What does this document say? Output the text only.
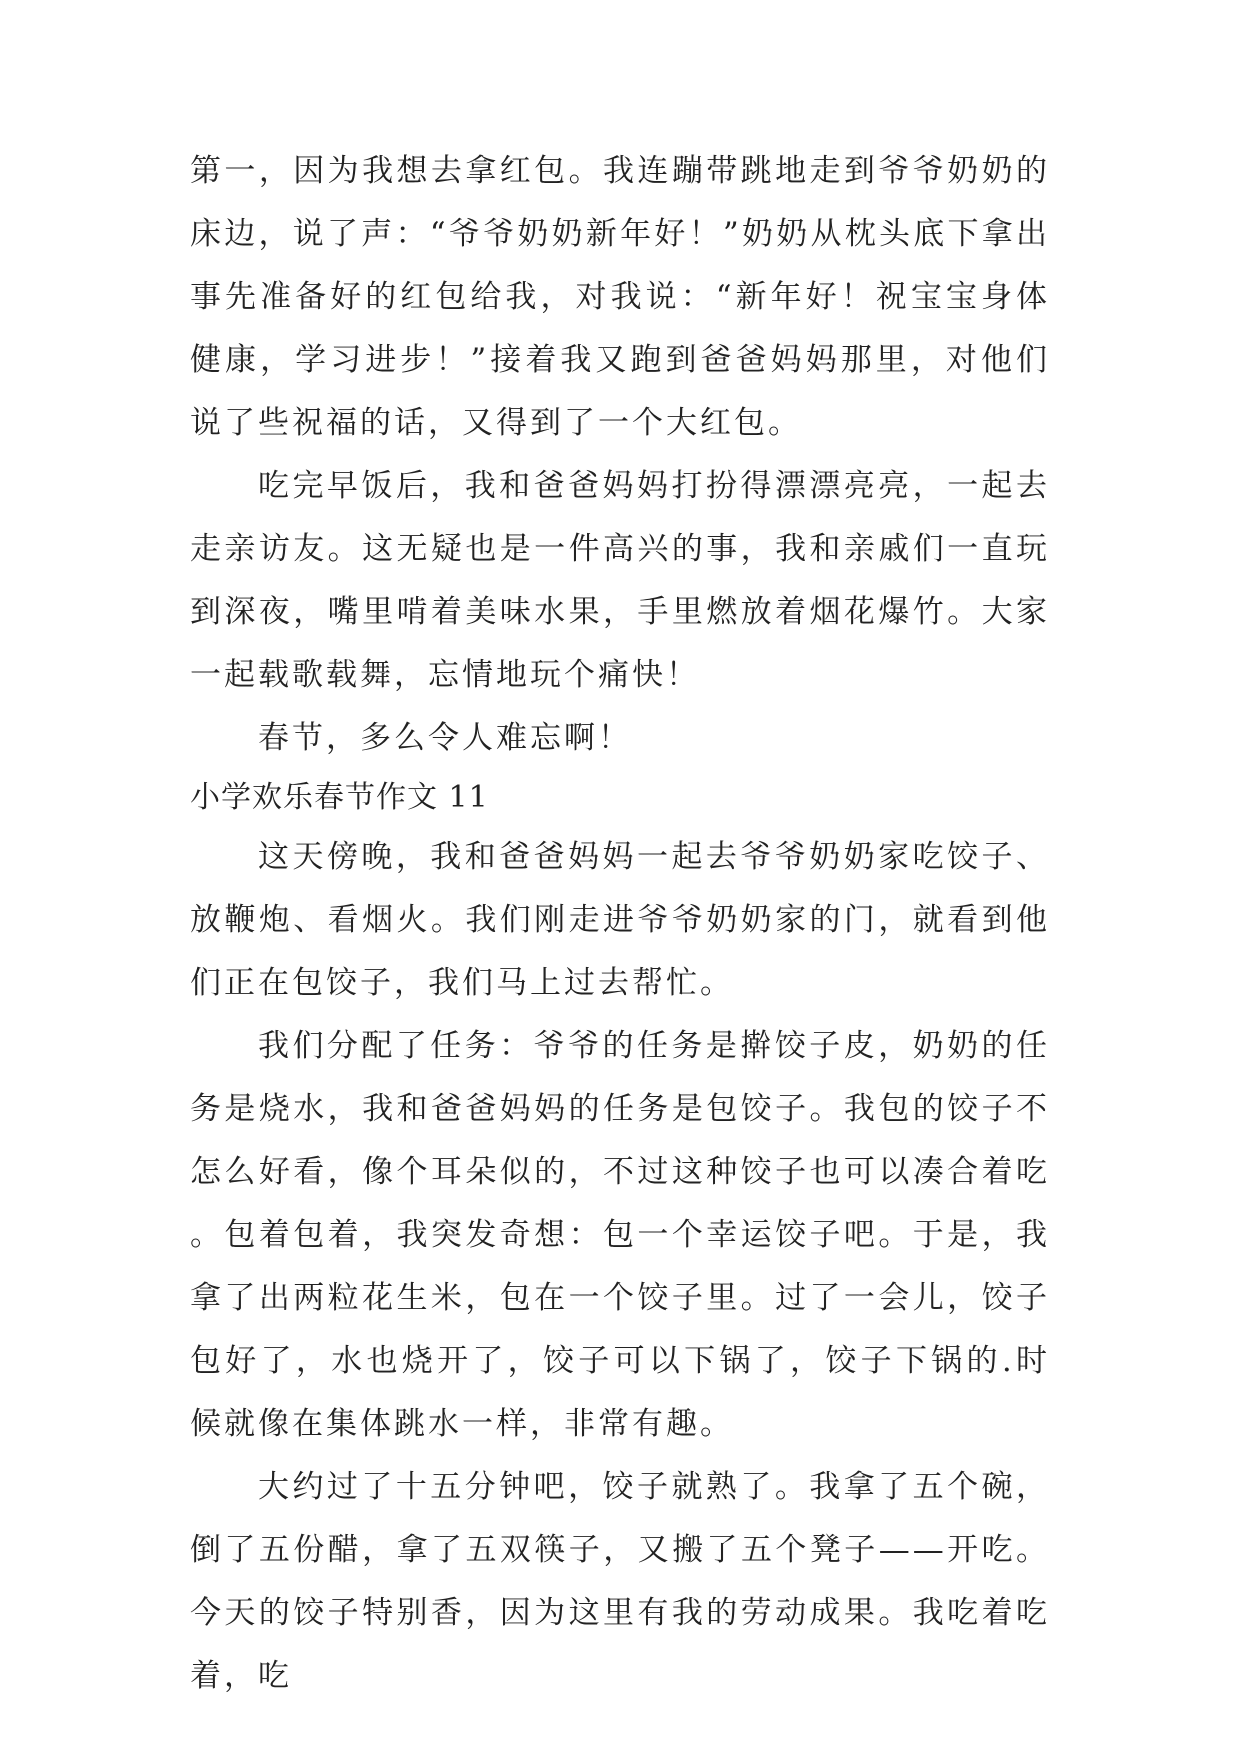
第一，因为我想去拿红包。我连蹦带跳地走到爷爷奶奶的床边，说了声：“爷爷奶奶新年好！”奶奶从枕头底下拿出事先准备好的红包给我，对我说：“新年好！祝宝宝身体健康，学习进步！”接着我又跑到爸爸妈妈那里，对他们说了些祝福的话，又得到了一个大红包。

吃完早饭后，我和爸爸妈妈打扮得漂漂亮亮，一起去走亲访友。这无疑也是一件高兴的事，我和亲戚们一直玩到深夜，嘴里啃着美味水果，手里燃放着烟花爆竹。大家一起载歌载舞，忘情地玩个痛快！

春节，多么令人难忘啊！

小学欢乐春节作文 11

这天傍晚，我和爸爸妈妈一起去爷爷奶奶家吃饺子、放鞭炮、看烟火。我们刚走进爷爷奶奶家的门，就看到他们正在包饺子，我们马上过去帮忙。

我们分配了任务：爷爷的任务是擀饺子皮，奶奶的任务是烧水，我和爸爸妈妈的任务是包饺子。我包的饺子不怎么好看，像个耳朵似的，不过这种饺子也可以凑合着吃 。包着包着，我突发奇想：包一个幸运饺子吧。于是，我拿了出两粒花生米，包在一个饺子里。过了一会儿，饺子包好了，水也烧开了，饺子可以下锅了，饺子下锅的.时候就像在集体跳水一样，非常有趣。

大约过了十五分钟吧，饺子就熟了。我拿了五个碗，倒了五份醋，拿了五双筷子，又搬了五个凳子——开吃。今天的饺子特别香，因为这里有我的劳动成果。我吃着吃着，吃
